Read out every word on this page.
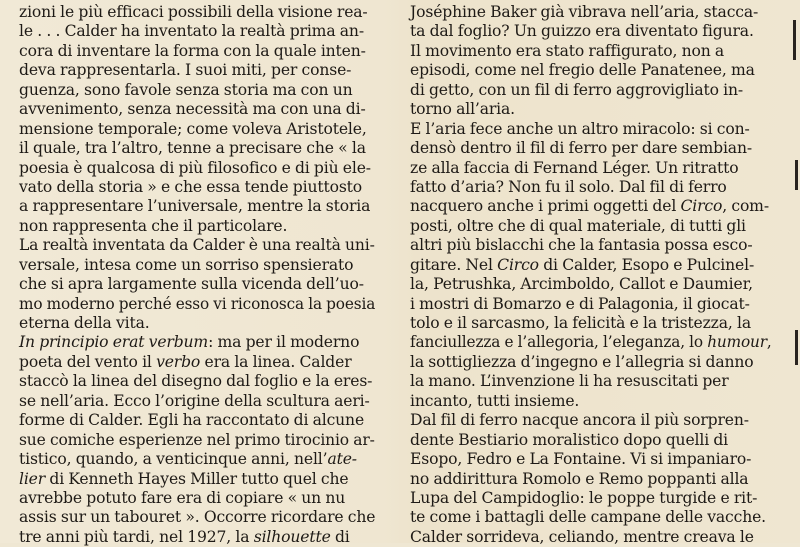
zioni le più efficaci possibili della visione rea-
le . . . Calder ha inventato la realtà prima an-
cora di inventare la forma con la quale inten-
deva rappresentarla. I suoi miti, per conse-
guenza, sono favole senza storia ma con un
avvenimento, senza necessità ma con una di-
mensione temporale; come voleva Aristotele,
il quale, tra l’altro, tenne a precisare che « la
poesia è qualcosa di più filosofico e di più ele-
vato della storia » e che essa tende piuttosto
a rappresentare l’universale, mentre la storia
non rappresenta che il particolare.
La realtà inventata da Calder è una realtà uni-
versale, intesa come un sorriso spensierato
che si apra largamente sulla vicenda dell’uo-
mo moderno perché esso vi riconosca la poesia
eterna della vita.
In principio erat verbum: ma per il moderno
poeta del vento il verbo era la linea. Calder
staccò la linea del disegno dal foglio e la eres-
se nell’aria. Ecco l’origine della scultura aeri-
forme di Calder. Egli ha raccontato di alcune
sue comiche esperienze nel primo tirocinio ar-
tistico, quando, a venticinque anni, nell’ate-
lier di Kenneth Hayes Miller tutto quel che
avrebbe potuto fare era di copiare « un nu
assis sur un tabouret ». Occorre ricordare che
tre anni più tardi, nel 1927, la silhouette di
Joséphine Baker già vibrava nell’aria, stacca-
ta dal foglio? Un guizzo era diventato figura.
Il movimento era stato raffigurato, non a
episodi, come nel fregio delle Panatenee, ma
di getto, con un fil di ferro aggrovigliato in-
torno all’aria.
E l’aria fece anche un altro miracolo: si con-
densò dentro il fil di ferro per dare sembian-
ze alla faccia di Fernand Léger. Un ritratto
fatto d’aria? Non fu il solo. Dal fil di ferro
nacquero anche i primi oggetti del Circo, com-
posti, oltre che di qual materiale, di tutti gli
altri più bislacchi che la fantasia possa esco-
gitare. Nel Circo di Calder, Esopo e Pulcinel-
la, Petrushka, Arcimboldo, Callot e Daumier,
i mostri di Bomarzo e di Palagonia, il giocat-
tolo e il sarcasmo, la felicità e la tristezza, la
fanciullezza e l’allegoria, l’eleganza, lo humour,
la sottigliezza d’ingegno e l’allegria si danno
la mano. L’invenzione li ha resuscitati per
incanto, tutti insieme.
Dal fil di ferro nacque ancora il più sorpren-
dente Bestiario moralistico dopo quelli di
Esopo, Fedro e La Fontaine. Vi si impaniaro-
no addirittura Romolo e Remo poppanti alla
Lupa del Campidoglio: le poppe turgide e rit-
te come i battagli delle campane delle vacche.
Calder sorrideva, celiando, mentre creava le
